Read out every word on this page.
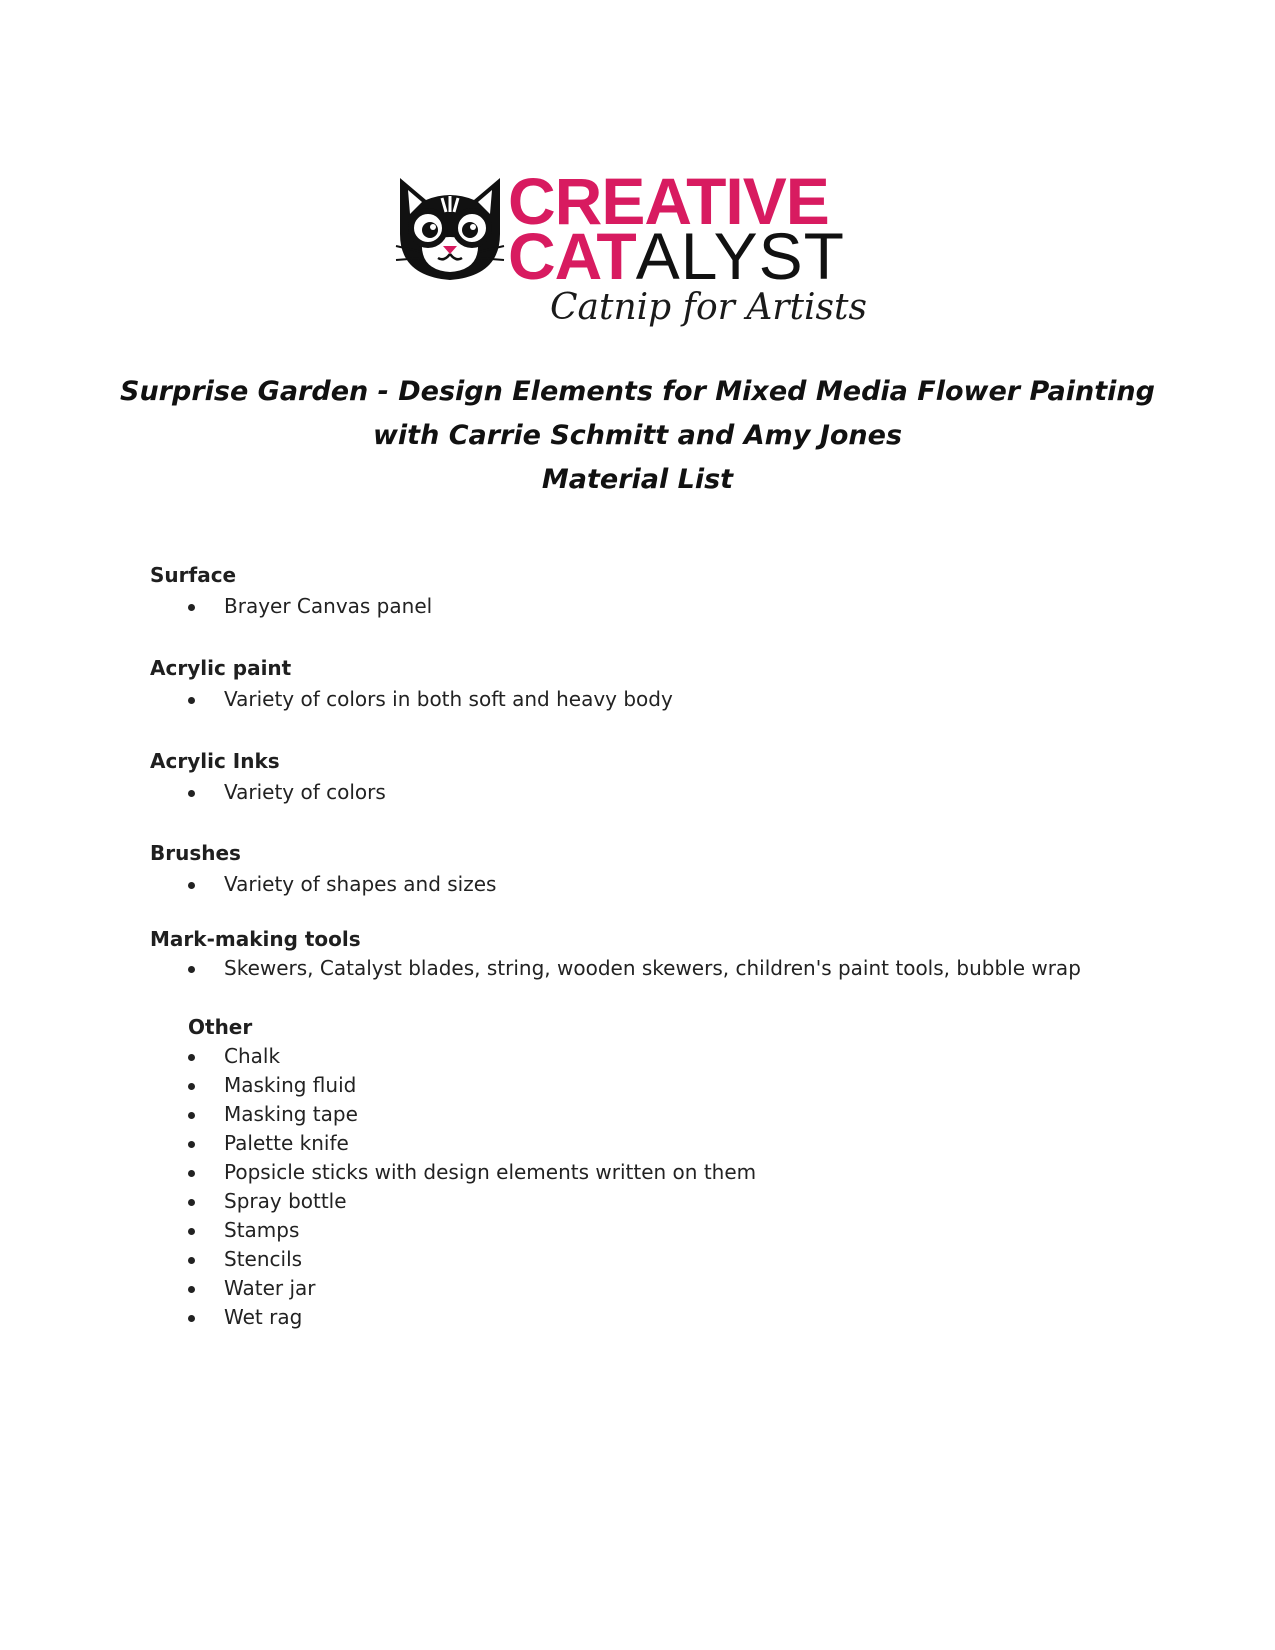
CREATIVE

CATALYST

Catnip for Artists

Surprise Garden - Design Elements for Mixed Media Flower Painting

with Carrie Schmitt and Amy Jones

Material List

Surface

Brayer Canvas panel

Acrylic paint

Variety of colors in both soft and heavy body

Acrylic Inks

Variety of colors

Brushes

Variety of shapes and sizes

Mark-making tools

Skewers, Catalyst blades, string, wooden skewers, children's paint tools, bubble wrap

Other

Chalk
Masking fluid
Masking tape
Palette knife
Popsicle sticks with design elements written on them
Spray bottle
Stamps
Stencils
Water jar
Wet rag
